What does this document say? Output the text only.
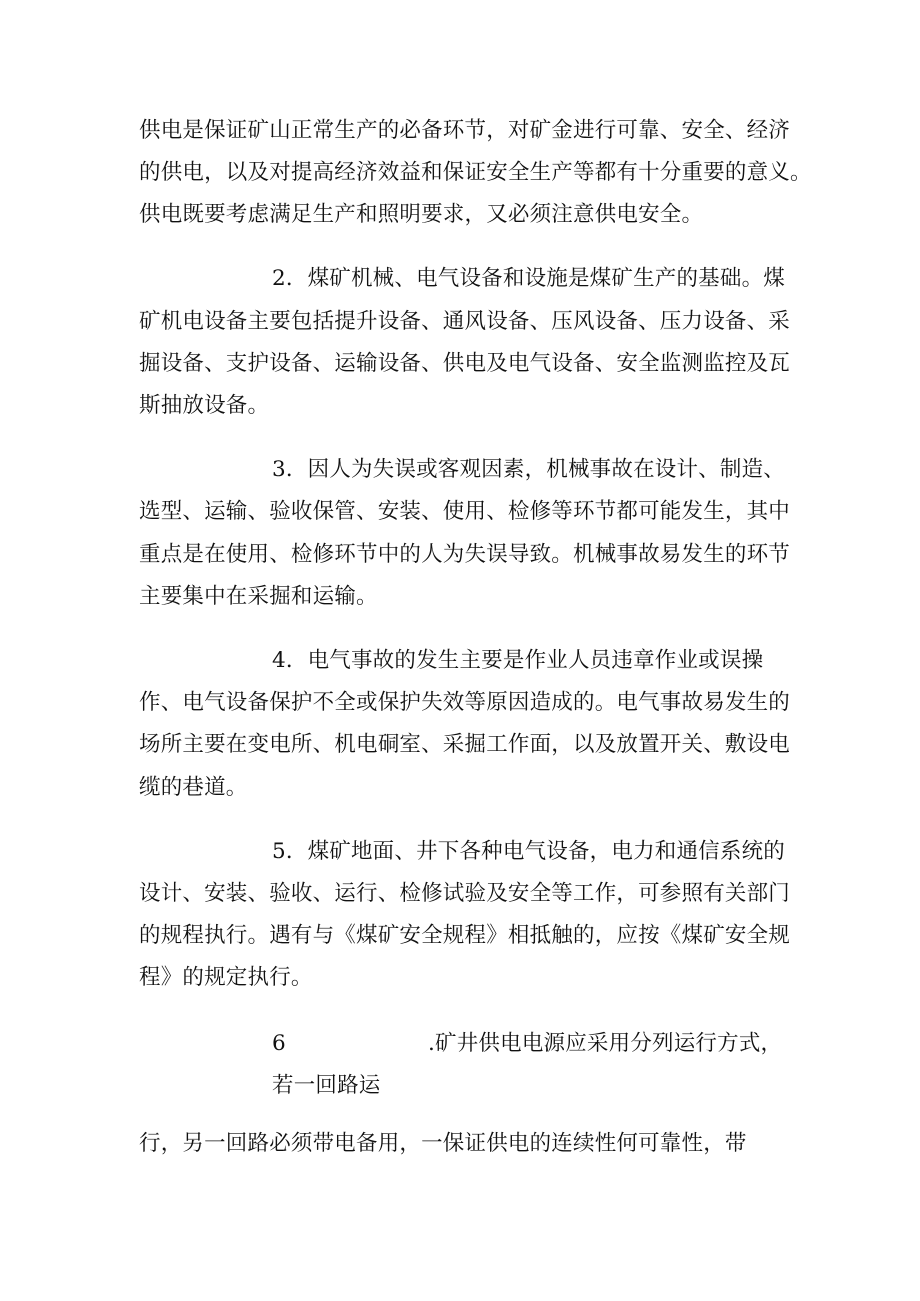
供电是保证矿山正常生产的必备环节，对矿金进行可靠、安全、经济
的供电，以及对提高经济效益和保证安全生产等都有十分重要的意义。
供电既要考虑满足生产和照明要求，又必须注意供电安全。
2．煤矿机械、电气设备和设施是煤矿生产的基础。煤
矿机电设备主要包括提升设备、通风设备、压风设备、压力设备、采
掘设备、支护设备、运输设备、供电及电气设备、安全监测监控及瓦
斯抽放设备。
3．因人为失误或客观因素，机械事故在设计、制造、
选型、运输、验收保管、安装、使用、检修等环节都可能发生，其中
重点是在使用、检修环节中的人为失误导致。机械事故易发生的环节
主要集中在采掘和运输。
4．电气事故的发生主要是作业人员违章作业或误操
作、电气设备保护不全或保护失效等原因造成的。电气事故易发生的
场所主要在变电所、机电硐室、采掘工作面，以及放置开关、敷设电
缆的巷道。
5．煤矿地面、井下各种电气设备，电力和通信系统的
设计、安装、验收、运行、检修试验及安全等工作，可参照有关部门
的规程执行。遇有与《煤矿安全规程》相抵触的，应按《煤矿安全规
程》的规定执行。
6	.矿井供电电源应采用分列运行方式，
若一回路运
行，另一回路必须带电备用，一保证供电的连续性何可靠性，带
